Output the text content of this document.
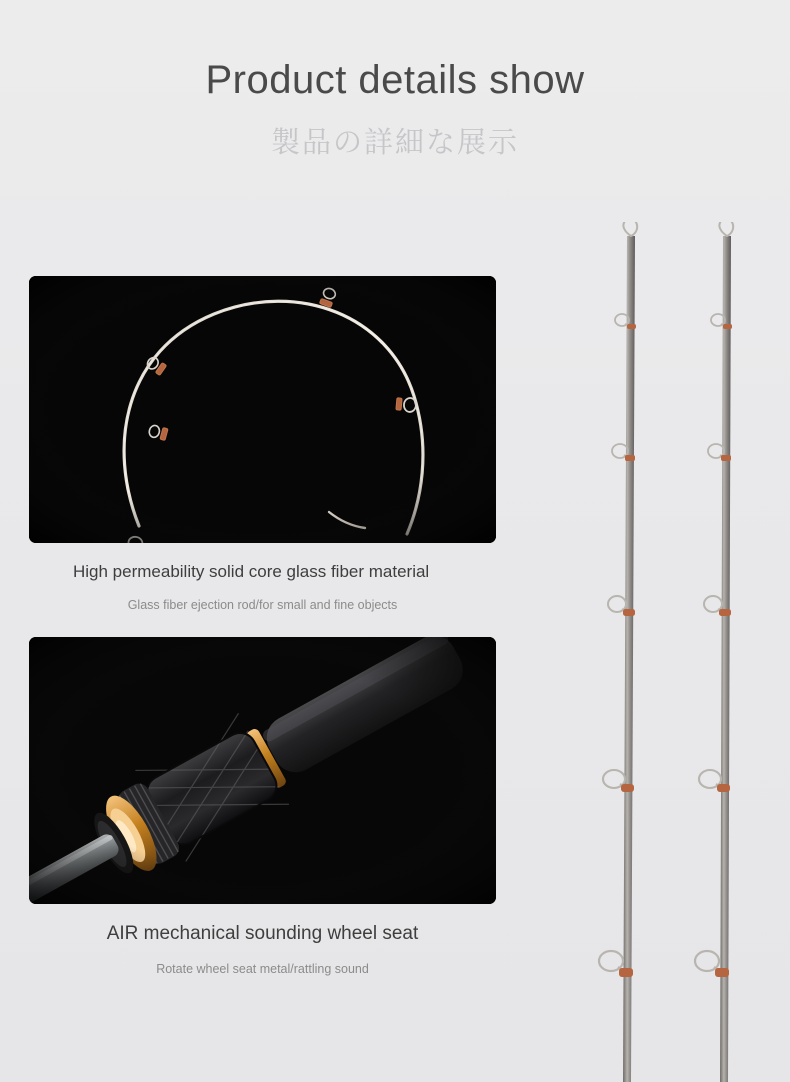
Product details show
製品の詳細な展示
High permeability solid core glass fiber material
Glass fiber ejection rod/for small and fine objects
AIR mechanical sounding wheel seat
Rotate wheel seat metal/rattling sound
